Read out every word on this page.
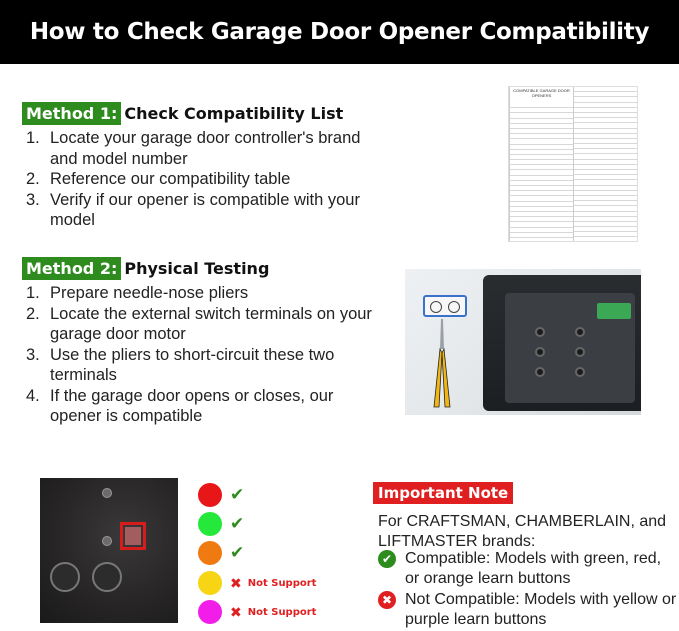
How to Check Garage Door Opener Compatibility
Method 1: Check Compatibility List
1. Locate your garage door controller's brand and model number
2. Reference our compatibility table
3. Verify if our opener is compatible with your model
COMPATIBLE GARAGE DOOR OPENERS
Method 2: Physical Testing
1. Prepare needle-nose pliers
2. Locate the external switch terminals on your garage door motor
3. Use the pliers to short-circuit these two terminals
4. If the garage door opens or closes, our opener is compatible
✔
✔
✔
✖ Not Support
✖ Not Support
Important Note
For CRAFTSMAN, CHAMBERLAIN, and LIFTMASTER brands:
✔ Compatible: Models with green, red, or orange learn buttons
✖ Not Compatible: Models with yellow or purple learn buttons
